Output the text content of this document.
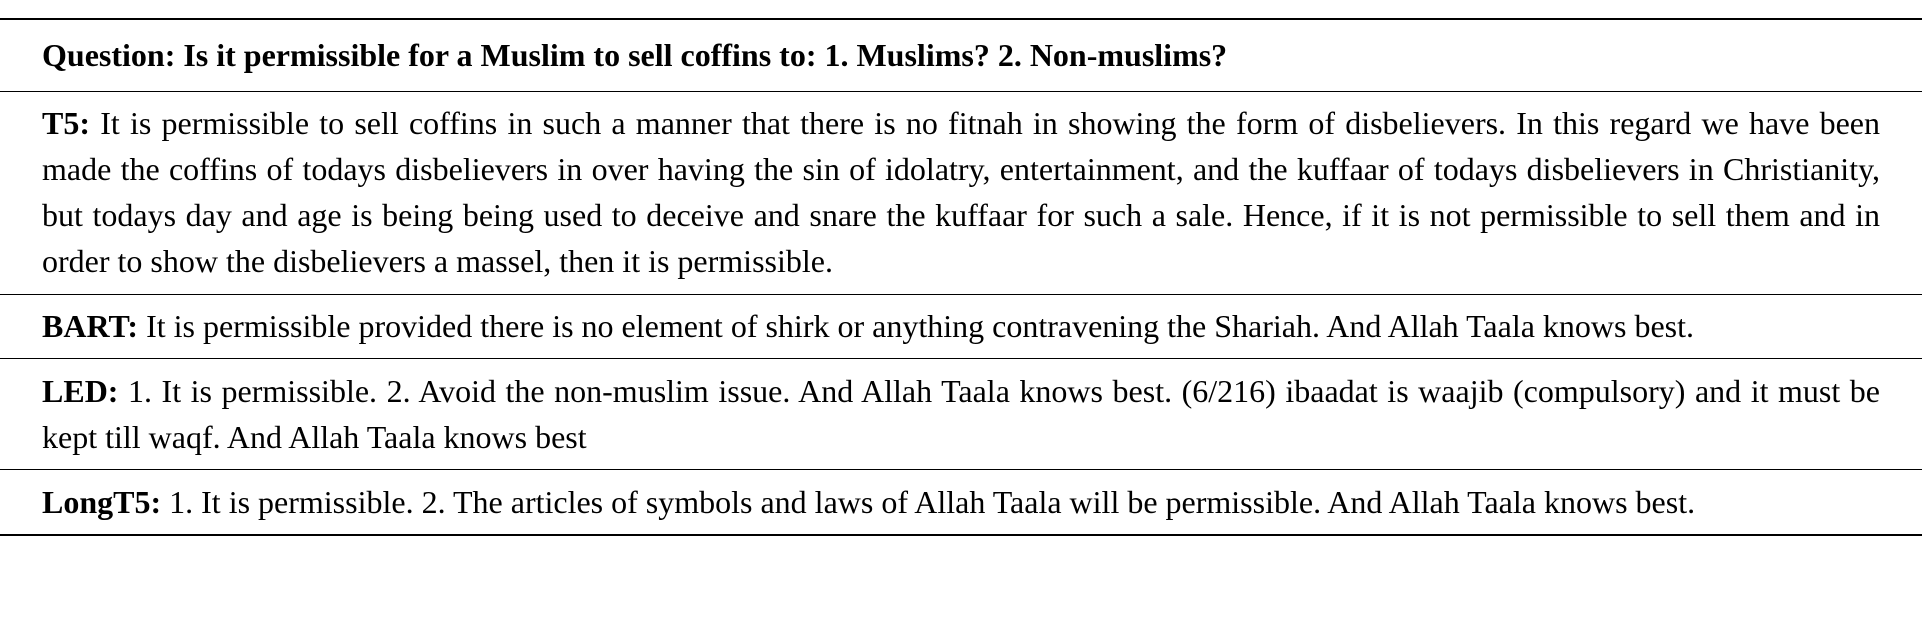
Question: Is it permissible for a Muslim to sell coffins to: 1. Muslims? 2. Non-muslims?
T5: It is permissible to sell coffins in such a manner that there is no fitnah in showing the form of disbelievers. In this regard we have been made the coffins of todays disbelievers in over having the sin of idolatry, entertainment, and the kuffaar of todays disbelievers in Christianity, but todays day and age is being being used to deceive and snare the kuffaar for such a sale. Hence, if it is not permissible to sell them and in order to show the disbelievers a massel, then it is permissible.
BART: It is permissible provided there is no element of shirk or anything contravening the Shariah. And Allah Taala knows best.
LED: 1. It is permissible. 2. Avoid the non-muslim issue. And Allah Taala knows best. (6/216) ibaadat is waajib (compulsory) and it must be kept till waqf. And Allah Taala knows best
LongT5: 1. It is permissible. 2. The articles of symbols and laws of Allah Taala will be permissible. And Allah Taala knows best.
